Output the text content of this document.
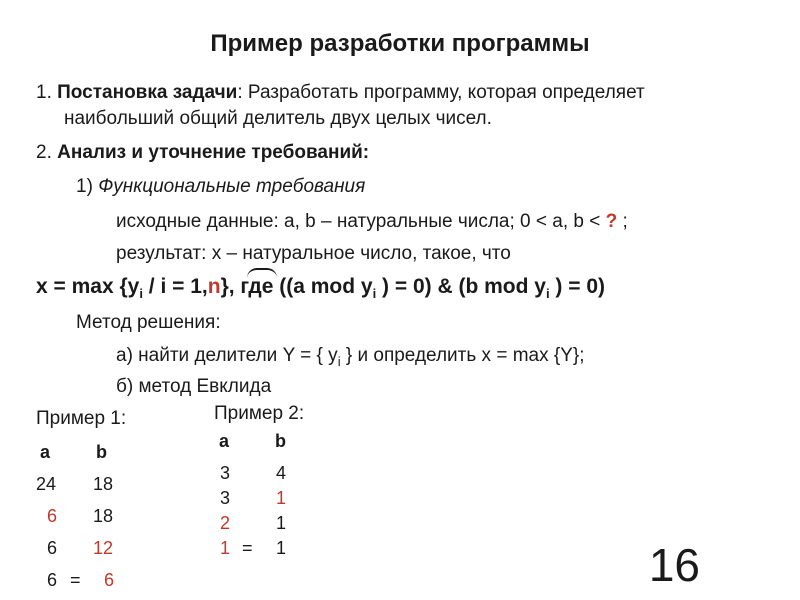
Пример разработки программы
1. Постановка задачи: Разработать программу, которая определяет
наибольший общий делитель двух целых чисел.
2. Анализ и уточнение требований:
1) Функциональные требования
исходные данные: a, b – натуральные числа; 0 < a, b < ? ;
результат: x – натуральное число, такое, что
$x = \max \{y_i / i = 1,n\}$, где ((a mod $y_i$ ) = 0) & (b mod $y_i$ ) = 0)
Метод решения:
а) найти делители Y = { $y_i$ } и определить x = max {Y};
б) метод Евклида
Пример 1:
a	b
24 18
6 18
6 12
6 = 6
Пример 2:
a	b
3	4
3	1
2	1
1 = 1	16
